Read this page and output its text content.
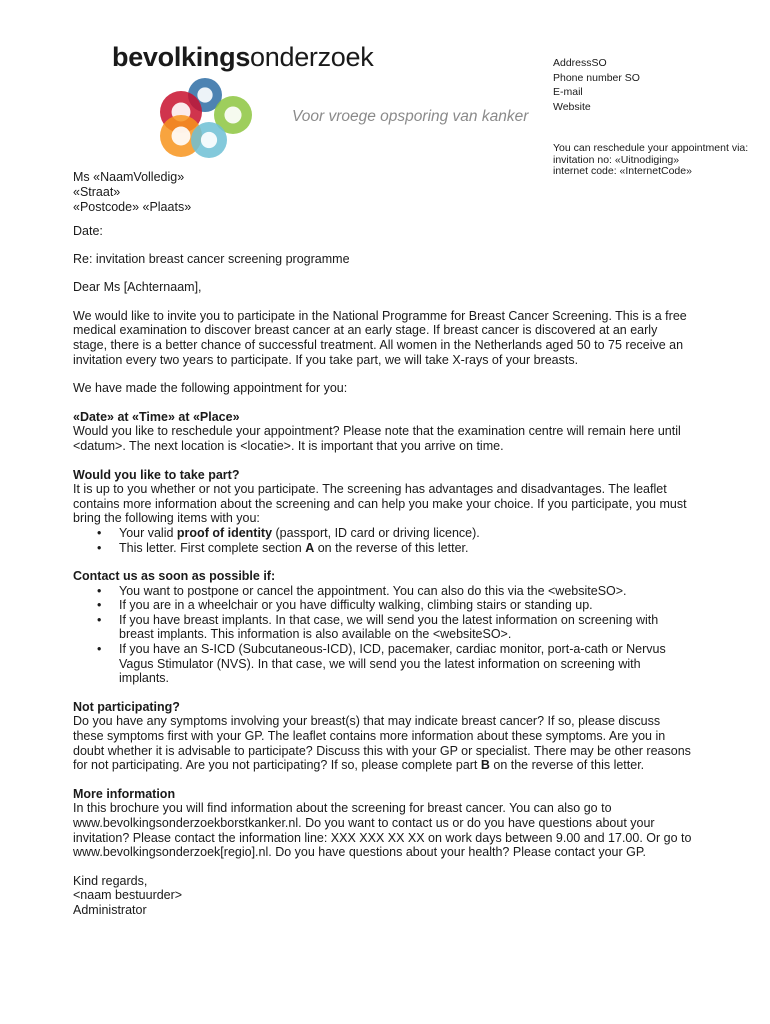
bevolkingsonderzoek
Voor vroege opsporing van kanker
AddressSO
Phone number SO
E-mail
Website
You can reschedule your appointment via:
invitation no: «Uitnodiging»
internet code: «InternetCode»
Ms «NaamVolledig»
«Straat»
«Postcode» «Plaats»

Date:

Re: invitation breast cancer screening programme

Dear Ms [Achternaam],

We would like to invite you to participate in the National Programme for Breast Cancer Screening. This is a free medical examination to discover breast cancer at an early stage. If breast cancer is discovered at an early stage, there is a better chance of successful treatment. All women in the Netherlands aged 50 to 75 receive an invitation every two years to participate. If you take part, we will take X-rays of your breasts.

We have made the following appointment for you:

«Date» at «Time» at «Place»

Would you like to reschedule your appointment? Please note that the examination centre will remain here until <datum>. The next location is <locatie>. It is important that you arrive on time.

Would you like to take part?

It is up to you whether or not you participate. The screening has advantages and disadvantages. The leaflet contains more information about the screening and can help you make your choice. If you participate, you must bring the following items with you:

• Your valid proof of identity (passport, ID card or driving licence).
• This letter. First complete section A on the reverse of this letter.

Contact us as soon as possible if:

• You want to postpone or cancel the appointment. You can also do this via the <websiteSO>.
• If you are in a wheelchair or you have difficulty walking, climbing stairs or standing up.
• If you have breast implants. In that case, we will send you the latest information on screening with breast implants. This information is also available on the <websiteSO>.
• If you have an S-ICD (Subcutaneous-ICD), ICD, pacemaker, cardiac monitor, port-a-cath or Nervus Vagus Stimulator (NVS). In that case, we will send you the latest information on screening with implants.

Not participating?

Do you have any symptoms involving your breast(s) that may indicate breast cancer? If so, please discuss these symptoms first with your GP. The leaflet contains more information about these symptoms. Are you in doubt whether it is advisable to participate? Discuss this with your GP or specialist. There may be other reasons for not participating. Are you not participating? If so, please complete part B on the reverse of this letter.

More information

In this brochure you will find information about the screening for breast cancer. You can also go to www.bevolkingsonderzoekborstkanker.nl. Do you want to contact us or do you have questions about your invitation? Please contact the information line: XXX XXX XX XX on work days between 9.00 and 17.00. Or go to www.bevolkingsonderzoek[regio].nl. Do you have questions about your health? Please contact your GP.

Kind regards,

<naam bestuurder>

Administrator
